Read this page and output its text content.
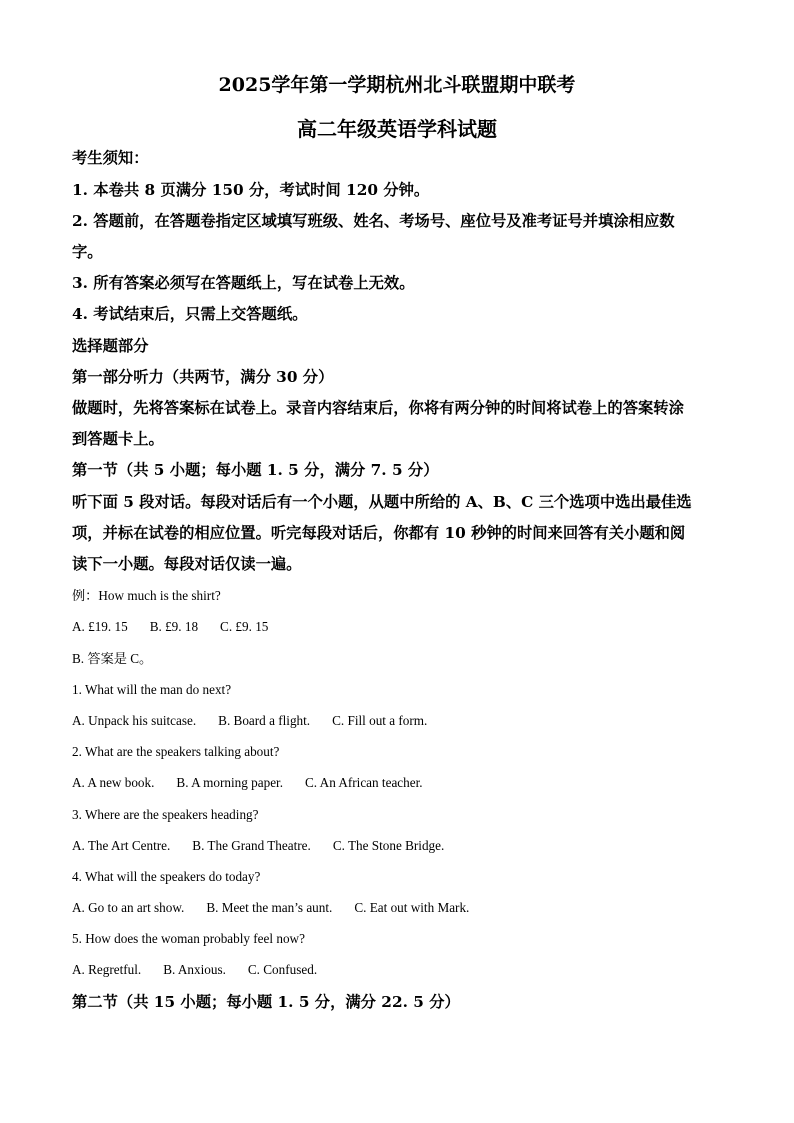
2025学年第一学期杭州北斗联盟期中联考
高二年级英语学科试题
考生须知：
1. 本卷共 8 页满分 150 分，考试时间 120 分钟。
2. 答题前，在答题卷指定区域填写班级、姓名、考场号、座位号及准考证号并填涂相应数
字。
3. 所有答案必须写在答题纸上，写在试卷上无效。
4. 考试结束后，只需上交答题纸。
选择题部分
第一部分听力（共两节，满分 30 分）
做题时，先将答案标在试卷上。录音内容结束后，你将有两分钟的时间将试卷上的答案转涂
到答题卡上。
第一节（共 5 小题；每小题 1. 5 分，满分 7. 5 分）
听下面 5 段对话。每段对话后有一个小题，从题中所给的 A、B、C 三个选项中选出最佳选
项，并标在试卷的相应位置。听完每段对话后，你都有 10 秒钟的时间来回答有关小题和阅
读下一小题。每段对话仅读一遍。
例：How much is the shirt?
A. £19. 15 B. £9. 18 C. £9. 15
B. 答案是 C。
1. What will the man do next?
A. Unpack his suitcase. B. Board a flight. C. Fill out a form.
2. What are the speakers talking about?
A. A new book. B. A morning paper. C. An African teacher.
3. Where are the speakers heading?
A. The Art Centre. B. The Grand Theatre. C. The Stone Bridge.
4. What will the speakers do today?
A. Go to an art show. B. Meet the man’s aunt. C. Eat out with Mark.
5. How does the woman probably feel now?
A. Regretful. B. Anxious. C. Confused.
第二节（共 15 小题；每小题 1. 5 分，满分 22. 5 分）
